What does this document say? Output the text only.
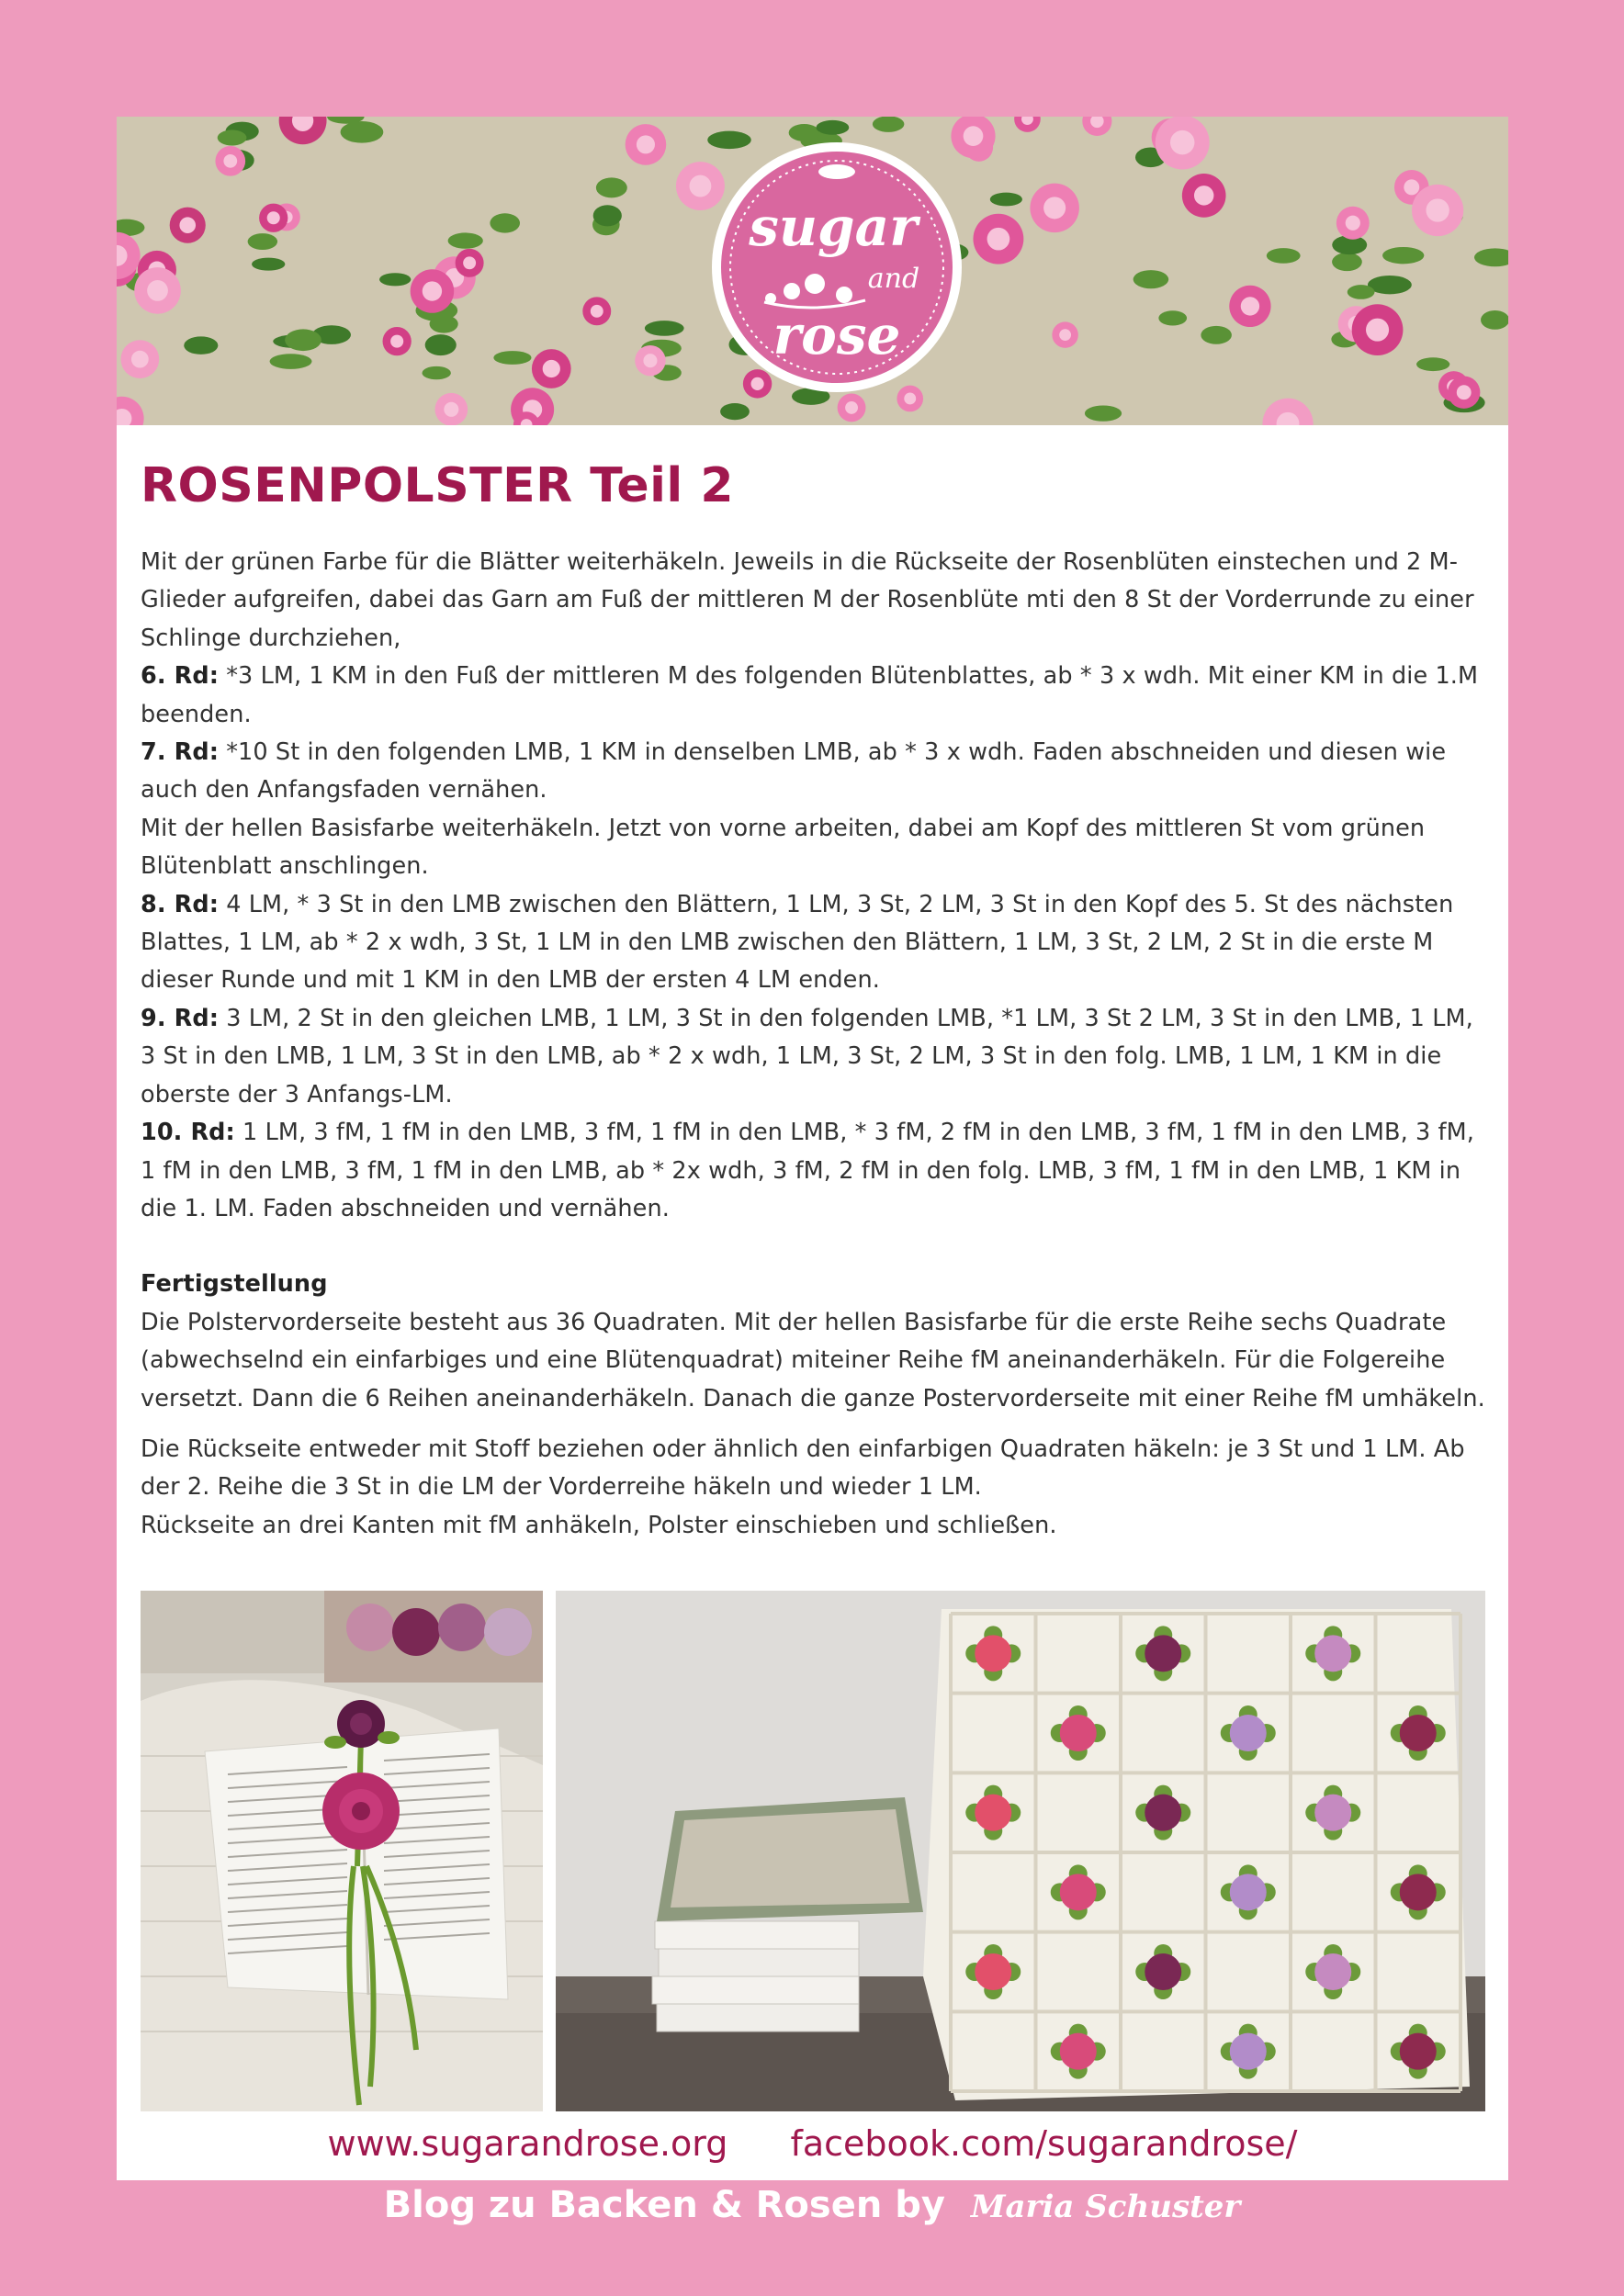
sugar
and
rose
ROSENPOLSTER Teil 2

Mit der grünen Farbe für die Blätter weiterhäkeln. Jeweils in die Rückseite der Rosenblüten einstechen und 2 M-Glieder aufgreifen, dabei das Garn am Fuß der mittleren M der Rosenblüte mti den 8 St der Vorderrunde zu einer Schlinge durchziehen,

6. Rd: *3 LM, 1 KM in den Fuß der mittleren M des folgenden Blütenblattes, ab * 3 x wdh. Mit einer KM in die 1.M beenden.

7. Rd: *10 St in den folgenden LMB, 1 KM in denselben LMB, ab * 3 x wdh. Faden abschneiden und diesen wie auch den Anfangsfaden vernähen.

Mit der hellen Basisfarbe weiterhäkeln. Jetzt von vorne arbeiten, dabei am Kopf des mittleren St vom grünen Blütenblatt anschlingen.

8. Rd: 4 LM, * 3 St in den LMB zwischen den Blättern, 1 LM, 3 St, 2 LM, 3 St in den Kopf des 5. St des nächsten Blattes, 1 LM, ab * 2 x wdh, 3 St, 1 LM in den LMB zwischen den Blättern, 1 LM, 3 St, 2 LM, 2 St in die erste M dieser Runde und mit 1 KM in den LMB der ersten 4 LM enden.

9. Rd: 3 LM, 2 St in den gleichen LMB, 1 LM, 3 St in den folgenden LMB, *1 LM, 3 St 2 LM, 3 St in den LMB, 1 LM, 3 St in den LMB, 1 LM, 3 St in den LMB, ab * 2 x wdh, 1 LM, 3 St, 2 LM, 3 St in den folg. LMB, 1 LM, 1 KM in die oberste der 3 Anfangs-LM.

10. Rd: 1 LM, 3 fM, 1 fM in den LMB, 3 fM, 1 fM in den LMB, * 3 fM, 2 fM in den LMB, 3 fM, 1 fM in den LMB, 3 fM, 1 fM in den LMB, 3 fM, 1 fM in den LMB, ab * 2x wdh, 3 fM, 2 fM in den folg. LMB, 3 fM, 1 fM in den LMB, 1 KM in die 1. LM. Faden abschneiden und vernähen.

Fertigstellung

Die Polstervorderseite besteht aus 36 Quadraten. Mit der hellen Basisfarbe für die erste Reihe sechs Quadrate (abwechselnd ein einfarbiges und eine Blütenquadrat) miteiner Reihe fM aneinanderhäkeln. Für die Folgereihe versetzt. Dann die 6 Reihen aneinanderhäkeln. Danach die ganze Postervorderseite mit einer Reihe fM umhäkeln.

Die Rückseite entweder mit Stoff beziehen oder ähnlich den einfarbigen Quadraten häkeln: je 3 St und 1 LM. Ab der 2. Reihe die 3 St in die LM der Vorderreihe häkeln und wieder 1 LM.

Rückseite an drei Kanten mit fM anhäkeln, Polster einschieben und schließen.

www.sugarandrose.org facebook.com/sugarandrose/
Blog zu Backen & Rosen by Maria Schuster
